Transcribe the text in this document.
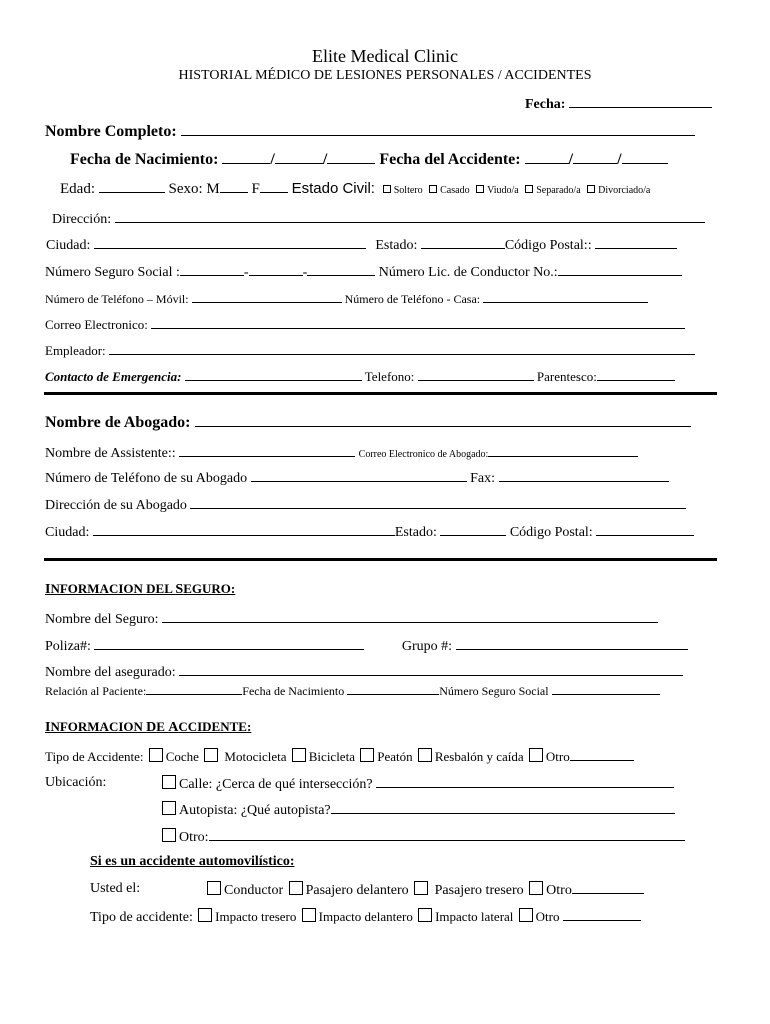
Elite Medical Clinic
HISTORIAL MÉDICO DE LESIONES PERSONALES / ACCIDENTES
Fecha:
Nombre Completo:
Fecha de Nacimiento:	/	/	Fecha del Accidente:	/	/
Edad:	Sexo: M F Estado Civil: Soltero Casado Viudo/a Separado/a Divorciado/a
Dirección:
Ciudad:	Estado:	Código Postal::
Número Seguro Social :	-	-	Número Lic. de Conductor No.:
Número de Teléfono – Móvil:	Número de Teléfono - Casa:
Correo Electronico:
Empleador:
Contacto de Emergencia:	Telefono:	Parentesco:
Nombre de Abogado:
Nombre de Assistente::	Correo Electronico de Abogado:
Número de Teléfono de su Abogado	Fax:
Dirección de su Abogado
Ciudad:	Estado:	Código Postal:
INFORMACION DEL SEGURO:
Nombre del Seguro:
Poliza#:	Grupo #:
Nombre del asegurado:
Relación al Paciente:	Fecha de Nacimiento	Número Seguro Social
INFORMACION DE ACCIDENTE:
Tipo de Accidente: Coche Motocicleta Bicicleta Peatón Resbalón y caída Otro
Ubicación:	Calle: ¿Cerca de qué intersección?
Autopista: ¿Qué autopista?
Otro:
Si es un accidente automovilístico:
Usted el:	Conductor Pasajero delantero Pasajero tresero Otro
Tipo de accidente: Impacto tresero Impacto delantero Impacto lateral Otro
